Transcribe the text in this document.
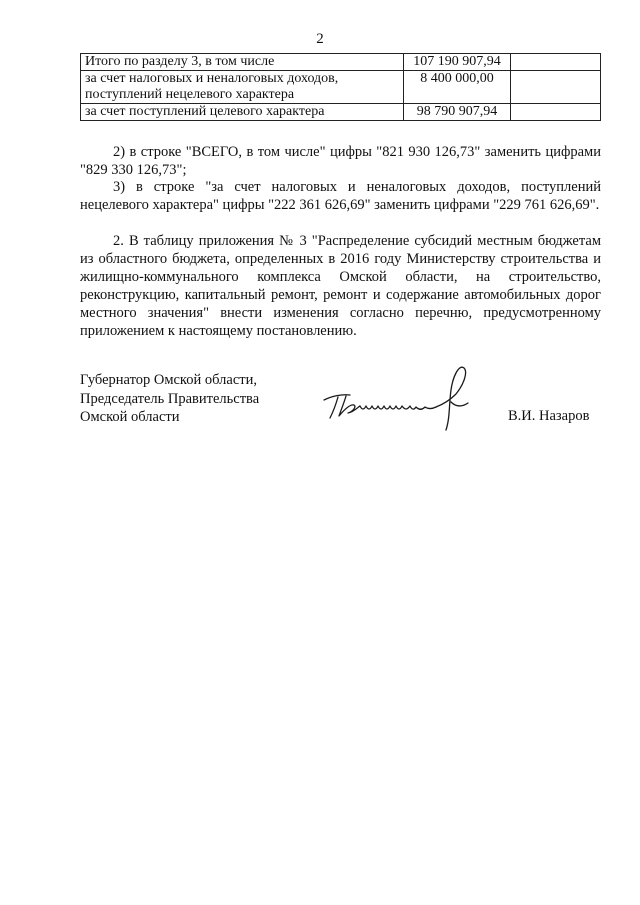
2
Итого по разделу 3, в том числе	107 190 907,94	
за счет налоговых и неналоговых доходов, поступлений нецелевого характера	8 400 000,00	
за счет поступлений целевого характера	98 790 907,94	

2) в строке "ВСЕГО, в том числе" цифры "821 930 126,73" заменить цифрами "829 330 126,73";

3) в строке "за счет налоговых и неналоговых доходов, поступлений нецелевого характера" цифры "222 361 626,69" заменить цифрами "229 761 626,69".

2. В таблицу приложения № 3 "Распределение субсидий местным бюджетам из областного бюджета, определенных в 2016 году Министерству строительства и жилищно-коммунального комплекса Омской области, на строительство, реконструкцию, капитальный ремонт, ремонт и содержание автомобильных дорог местного значения" внести изменения согласно перечню, предусмотренному приложением к настоящему постановлению.

Губернатор Омской области,
Председатель Правительства
Омской области	В.И. Назаров
